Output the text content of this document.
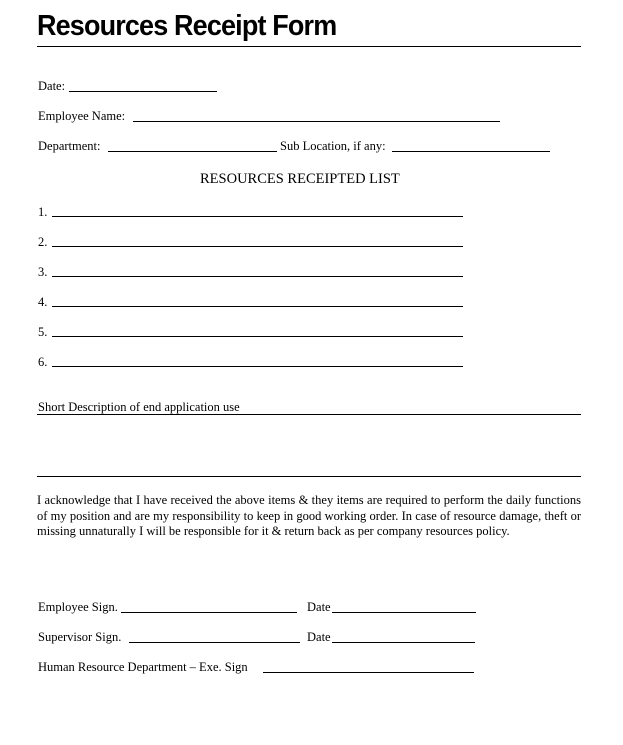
Resources Receipt Form
Date:
Employee Name:
Department:	Sub Location, if any:
RESOURCES RECEIPTED LIST
1.
2.
3.
4.
5.
6.
Short Description of end application use

I acknowledge that I have received the above items & they items are required to perform the daily functions of my position and are my responsibility to keep in good working order. In case of resource damage, theft or missing unnaturally I will be responsible for it & return back as per company resources policy.

Employee Sign.	Date
Supervisor Sign.	Date
Human Resource Department – Exe. Sign
